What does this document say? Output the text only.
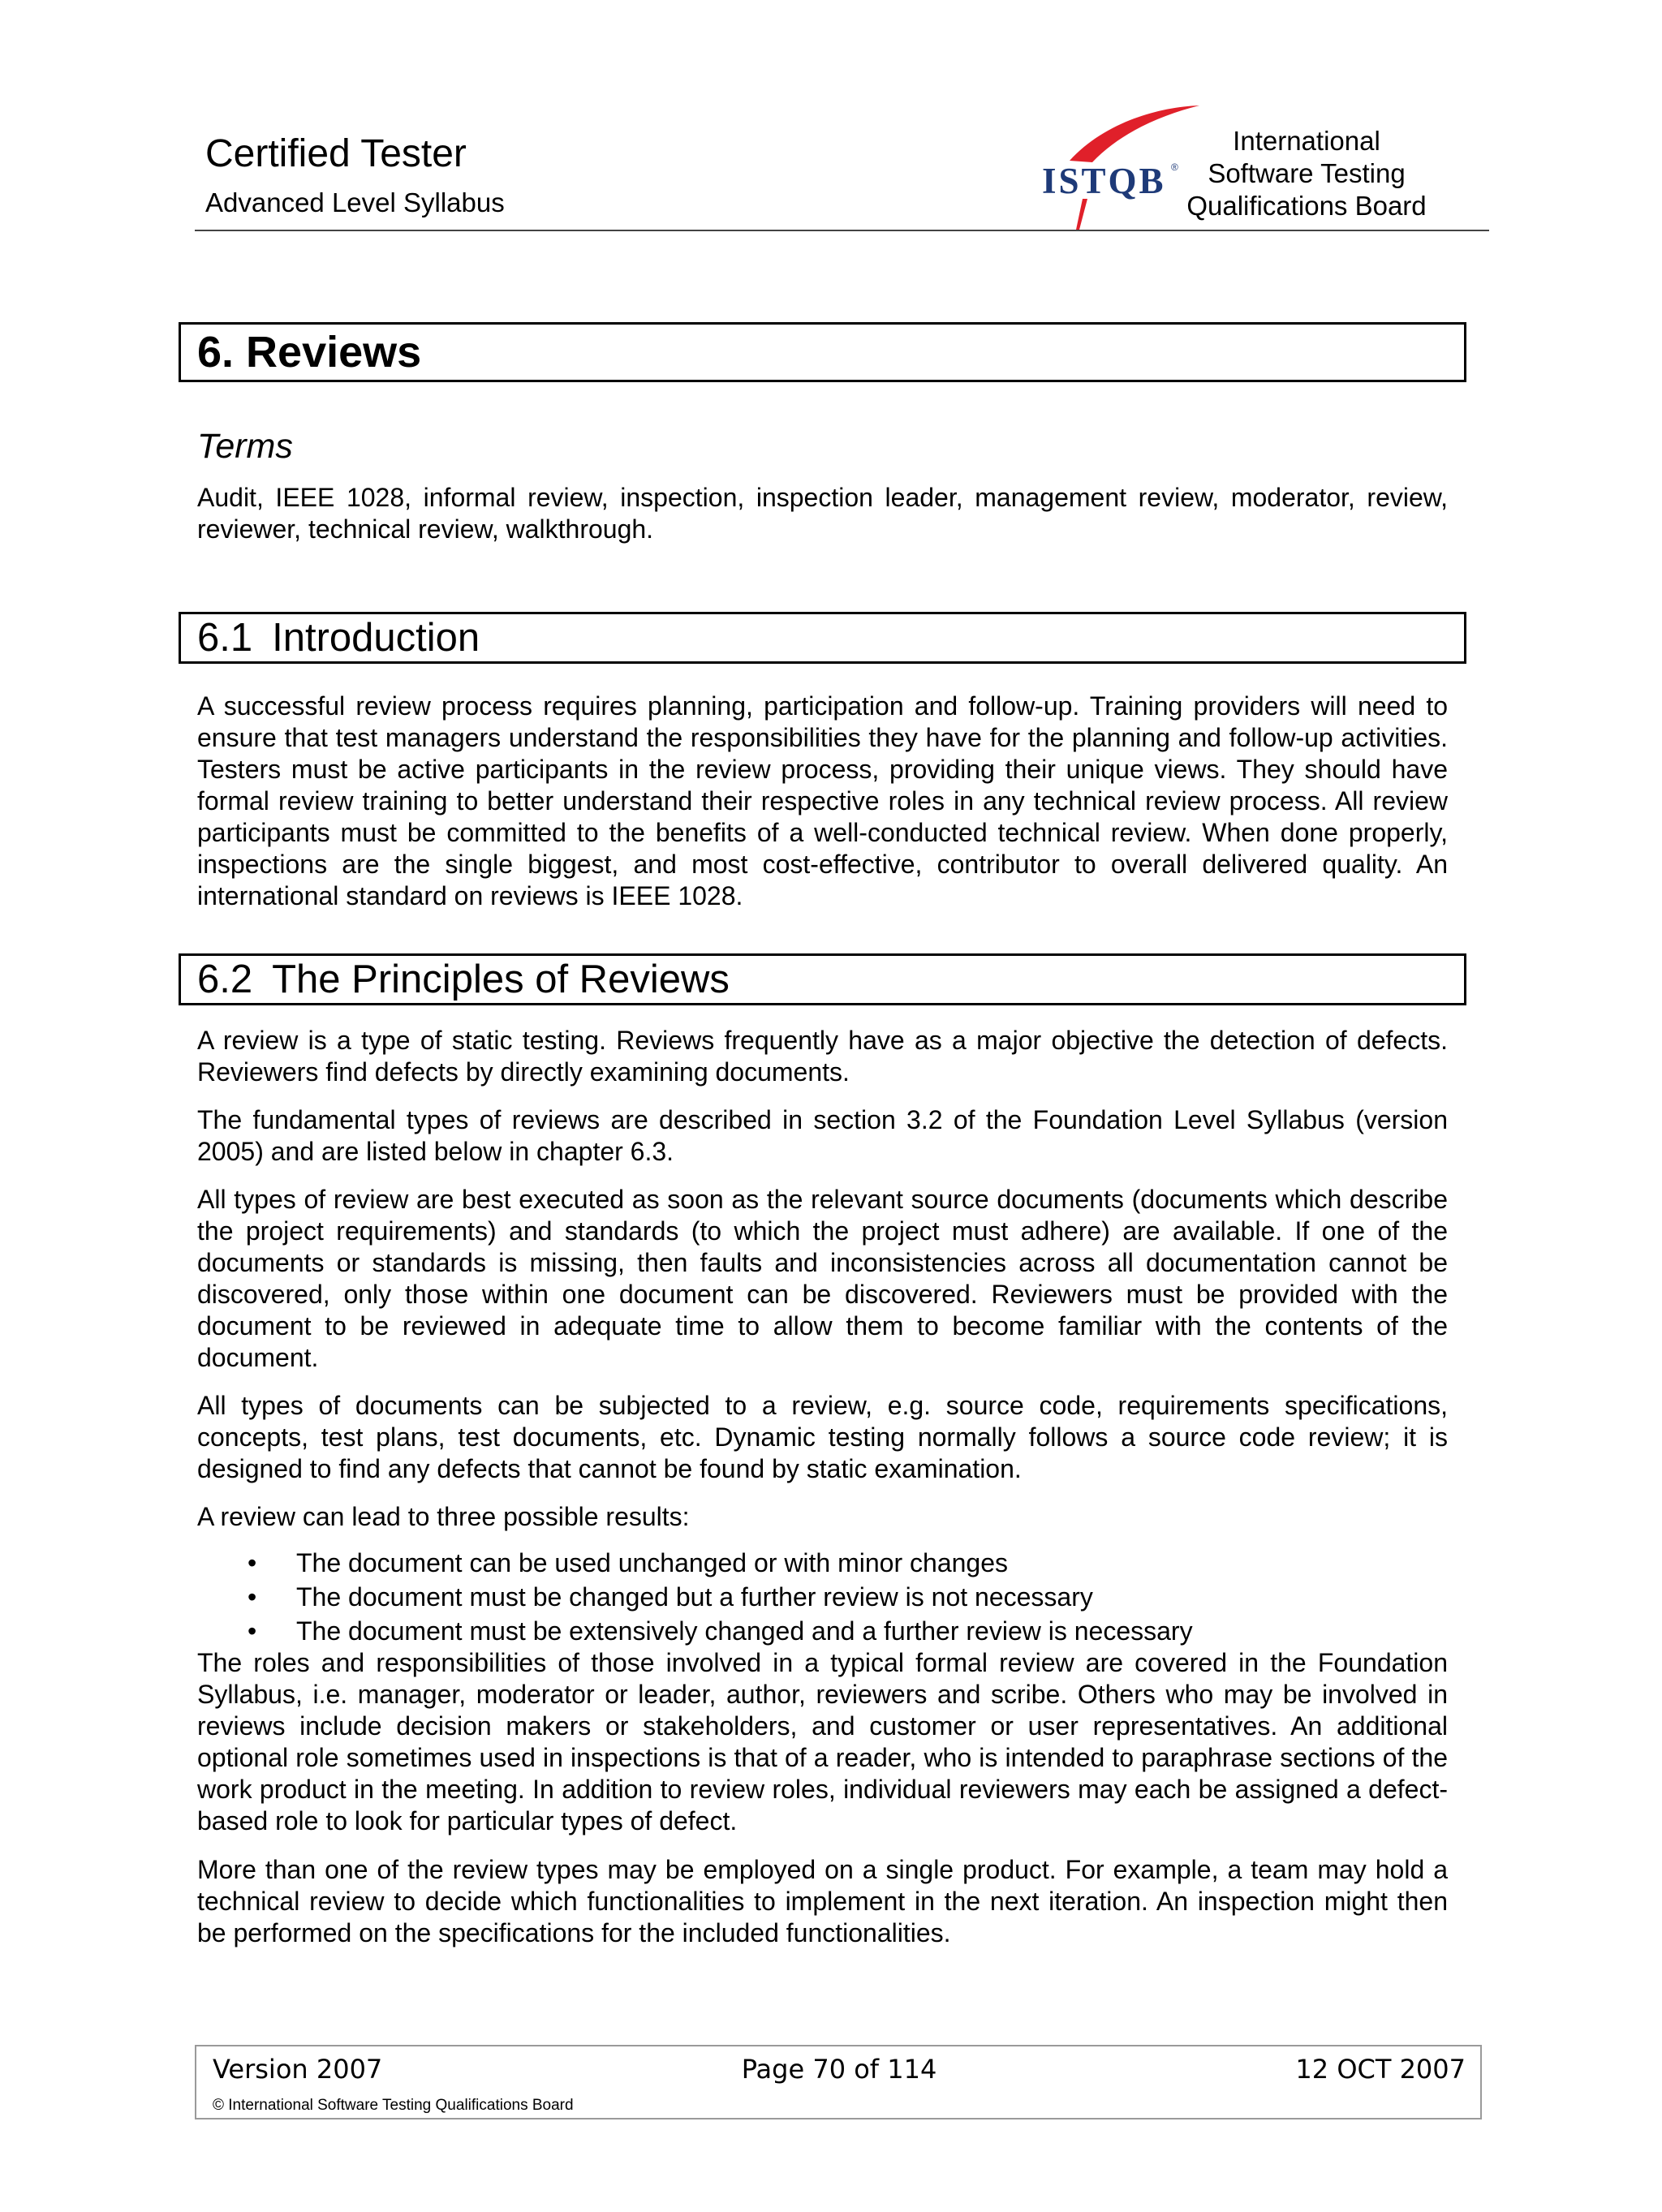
Certified Tester
Advanced Level Syllabus
ISTQB ®
International
Software Testing
Qualifications Board
6. Reviews
Terms
Audit, IEEE 1028, informal review, inspection, inspection leader, management review, moderator, review, reviewer, technical review, walkthrough.
6.1 Introduction
A successful review process requires planning, participation and follow-up. Training providers will need to ensure that test managers understand the responsibilities they have for the planning and follow-up activities. Testers must be active participants in the review process, providing their unique views. They should have formal review training to better understand their respective roles in any technical review process. All review participants must be committed to the benefits of a well-conducted technical review. When done properly, inspections are the single biggest, and most cost-effective, contributor to overall delivered quality. An international standard on reviews is IEEE 1028.
6.2 The Principles of Reviews
A review is a type of static testing. Reviews frequently have as a major objective the detection of defects. Reviewers find defects by directly examining documents.
The fundamental types of reviews are described in section 3.2 of the Foundation Level Syllabus (version 2005) and are listed below in chapter 6.3.
All types of review are best executed as soon as the relevant source documents (documents which describe the project requirements) and standards (to which the project must adhere) are available. If one of the documents or standards is missing, then faults and inconsistencies across all documentation cannot be discovered, only those within one document can be discovered. Reviewers must be provided with the document to be reviewed in adequate time to allow them to become familiar with the contents of the document.
All types of documents can be subjected to a review, e.g. source code, requirements specifications, concepts, test plans, test documents, etc. Dynamic testing normally follows a source code review; it is designed to find any defects that cannot be found by static examination.
A review can lead to three possible results:
• The document can be used unchanged or with minor changes
• The document must be changed but a further review is not necessary
• The document must be extensively changed and a further review is necessary
The roles and responsibilities of those involved in a typical formal review are covered in the Foundation Syllabus, i.e. manager, moderator or leader, author, reviewers and scribe. Others who may be involved in reviews include decision makers or stakeholders, and customer or user representatives. An additional optional role sometimes used in inspections is that of a reader, who is intended to paraphrase sections of the work product in the meeting. In addition to review roles, individual reviewers may each be assigned a defect-based role to look for particular types of defect.
More than one of the review types may be employed on a single product. For example, a team may hold a technical review to decide which functionalities to implement in the next iteration. An inspection might then be performed on the specifications for the included functionalities.
Version 2007	Page 70 of 114	12 OCT 2007
© International Software Testing Qualifications Board
